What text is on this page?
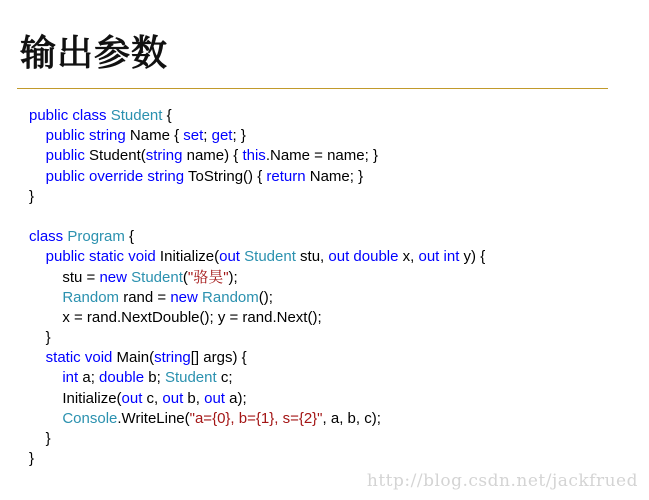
输出参数
public class Student {
public string Name { set; get; }
public Student(string name) { this.Name = name; }
public override string ToString() { return Name; }
}
class Program {
public static void Initialize(out Student stu, out double x, out int y) {
stu = new Student("骆昊");
Random rand = new Random();
x = rand.NextDouble(); y = rand.Next();
}
static void Main(string[] args) {
int a; double b; Student c;
Initialize(out c, out b, out a);
Console.WriteLine("a={0}, b={1}, s={2}", a, b, c);
}
}
http://blog.csdn.net/jackfrued
